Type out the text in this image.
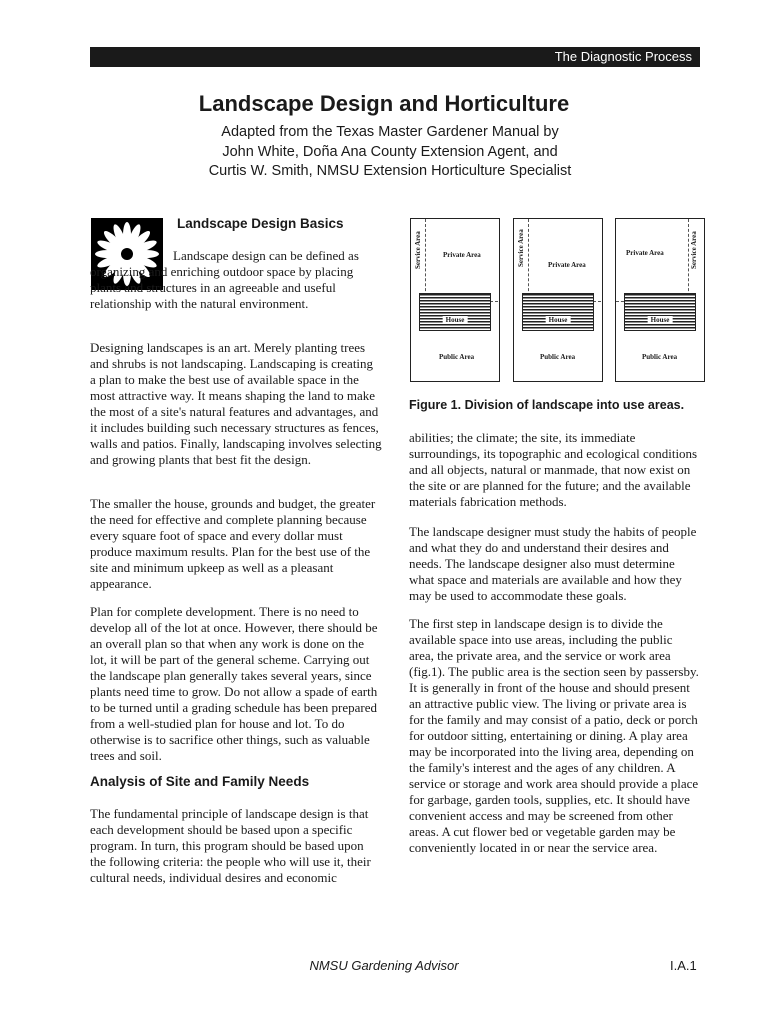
The Diagnostic Process
Landscape Design and Horticulture
Adapted from the Texas Master Gardener Manual by
John White, Doña Ana County Extension Agent, and
Curtis W. Smith, NMSU Extension Horticulture Specialist
Landscape Design Basics

Landscape design can be defined as organizing and enriching outdoor space by placing plants and structures in an agreeable and useful relationship with the natural environment.

Designing landscapes is an art. Merely planting trees and shrubs is not landscaping. Landscaping is creating a plan to make the best use of available space in the most attractive way. It means shaping the land to make the most of a site's natural features and advantages, and it includes building such necessary structures as fences, walls and patios. Finally, landscaping involves selecting and growing plants that best fit the design.

The smaller the house, grounds and budget, the greater the need for effective and complete planning because every square foot of space and every dollar must produce maximum results. Plan for the best use of the site and minimum upkeep as well as a pleasant appearance.

Plan for complete development. There is no need to develop all of the lot at once. However, there should be an overall plan so that when any work is done on the lot, it will be part of the general scheme. Carrying out the landscape plan generally takes several years, since plants need time to grow. Do not allow a spade of earth to be turned until a grading schedule has been prepared from a well-studied plan for house and lot. To do otherwise is to sacrifice other things, such as valuable trees and soil.

Analysis of Site and Family Needs

The fundamental principle of landscape design is that each development should be based upon a specific program. In turn, this program should be based upon the following criteria: the people who will use it, their cultural needs, individual desires and economic

Service Area	Private Area
House
Public Area
Service Area	Private Area
House
Public Area
Service Area
Private Area
House
Public Area
Figure 1. Division of landscape into use areas.

abilities; the climate; the site, its immediate surroundings, its topographic and ecological conditions and all objects, natural or manmade, that now exist on the site or are planned for the future; and the available materials fabrication methods.

The landscape designer must study the habits of people and what they do and understand their desires and needs. The landscape designer also must determine what space and materials are available and how they may be used to accommodate these goals.

The first step in landscape design is to divide the available space into use areas, including the public area, the private area, and the service or work area (fig.1). The public area is the section seen by passersby. It is generally in front of the house and should present an attractive public view. The living or private area is for the family and may consist of a patio, deck or porch for outdoor sitting, entertaining or dining. A play area may be incorporated into the living area, depending on the family's interest and the ages of any children. A service or storage and work area should provide a place for garbage, garden tools, supplies, etc. It should have convenient access and may be screened from other areas. A cut flower bed or vegetable garden may be conveniently located in or near the service area.

NMSU Gardening Advisor	I.A.1
